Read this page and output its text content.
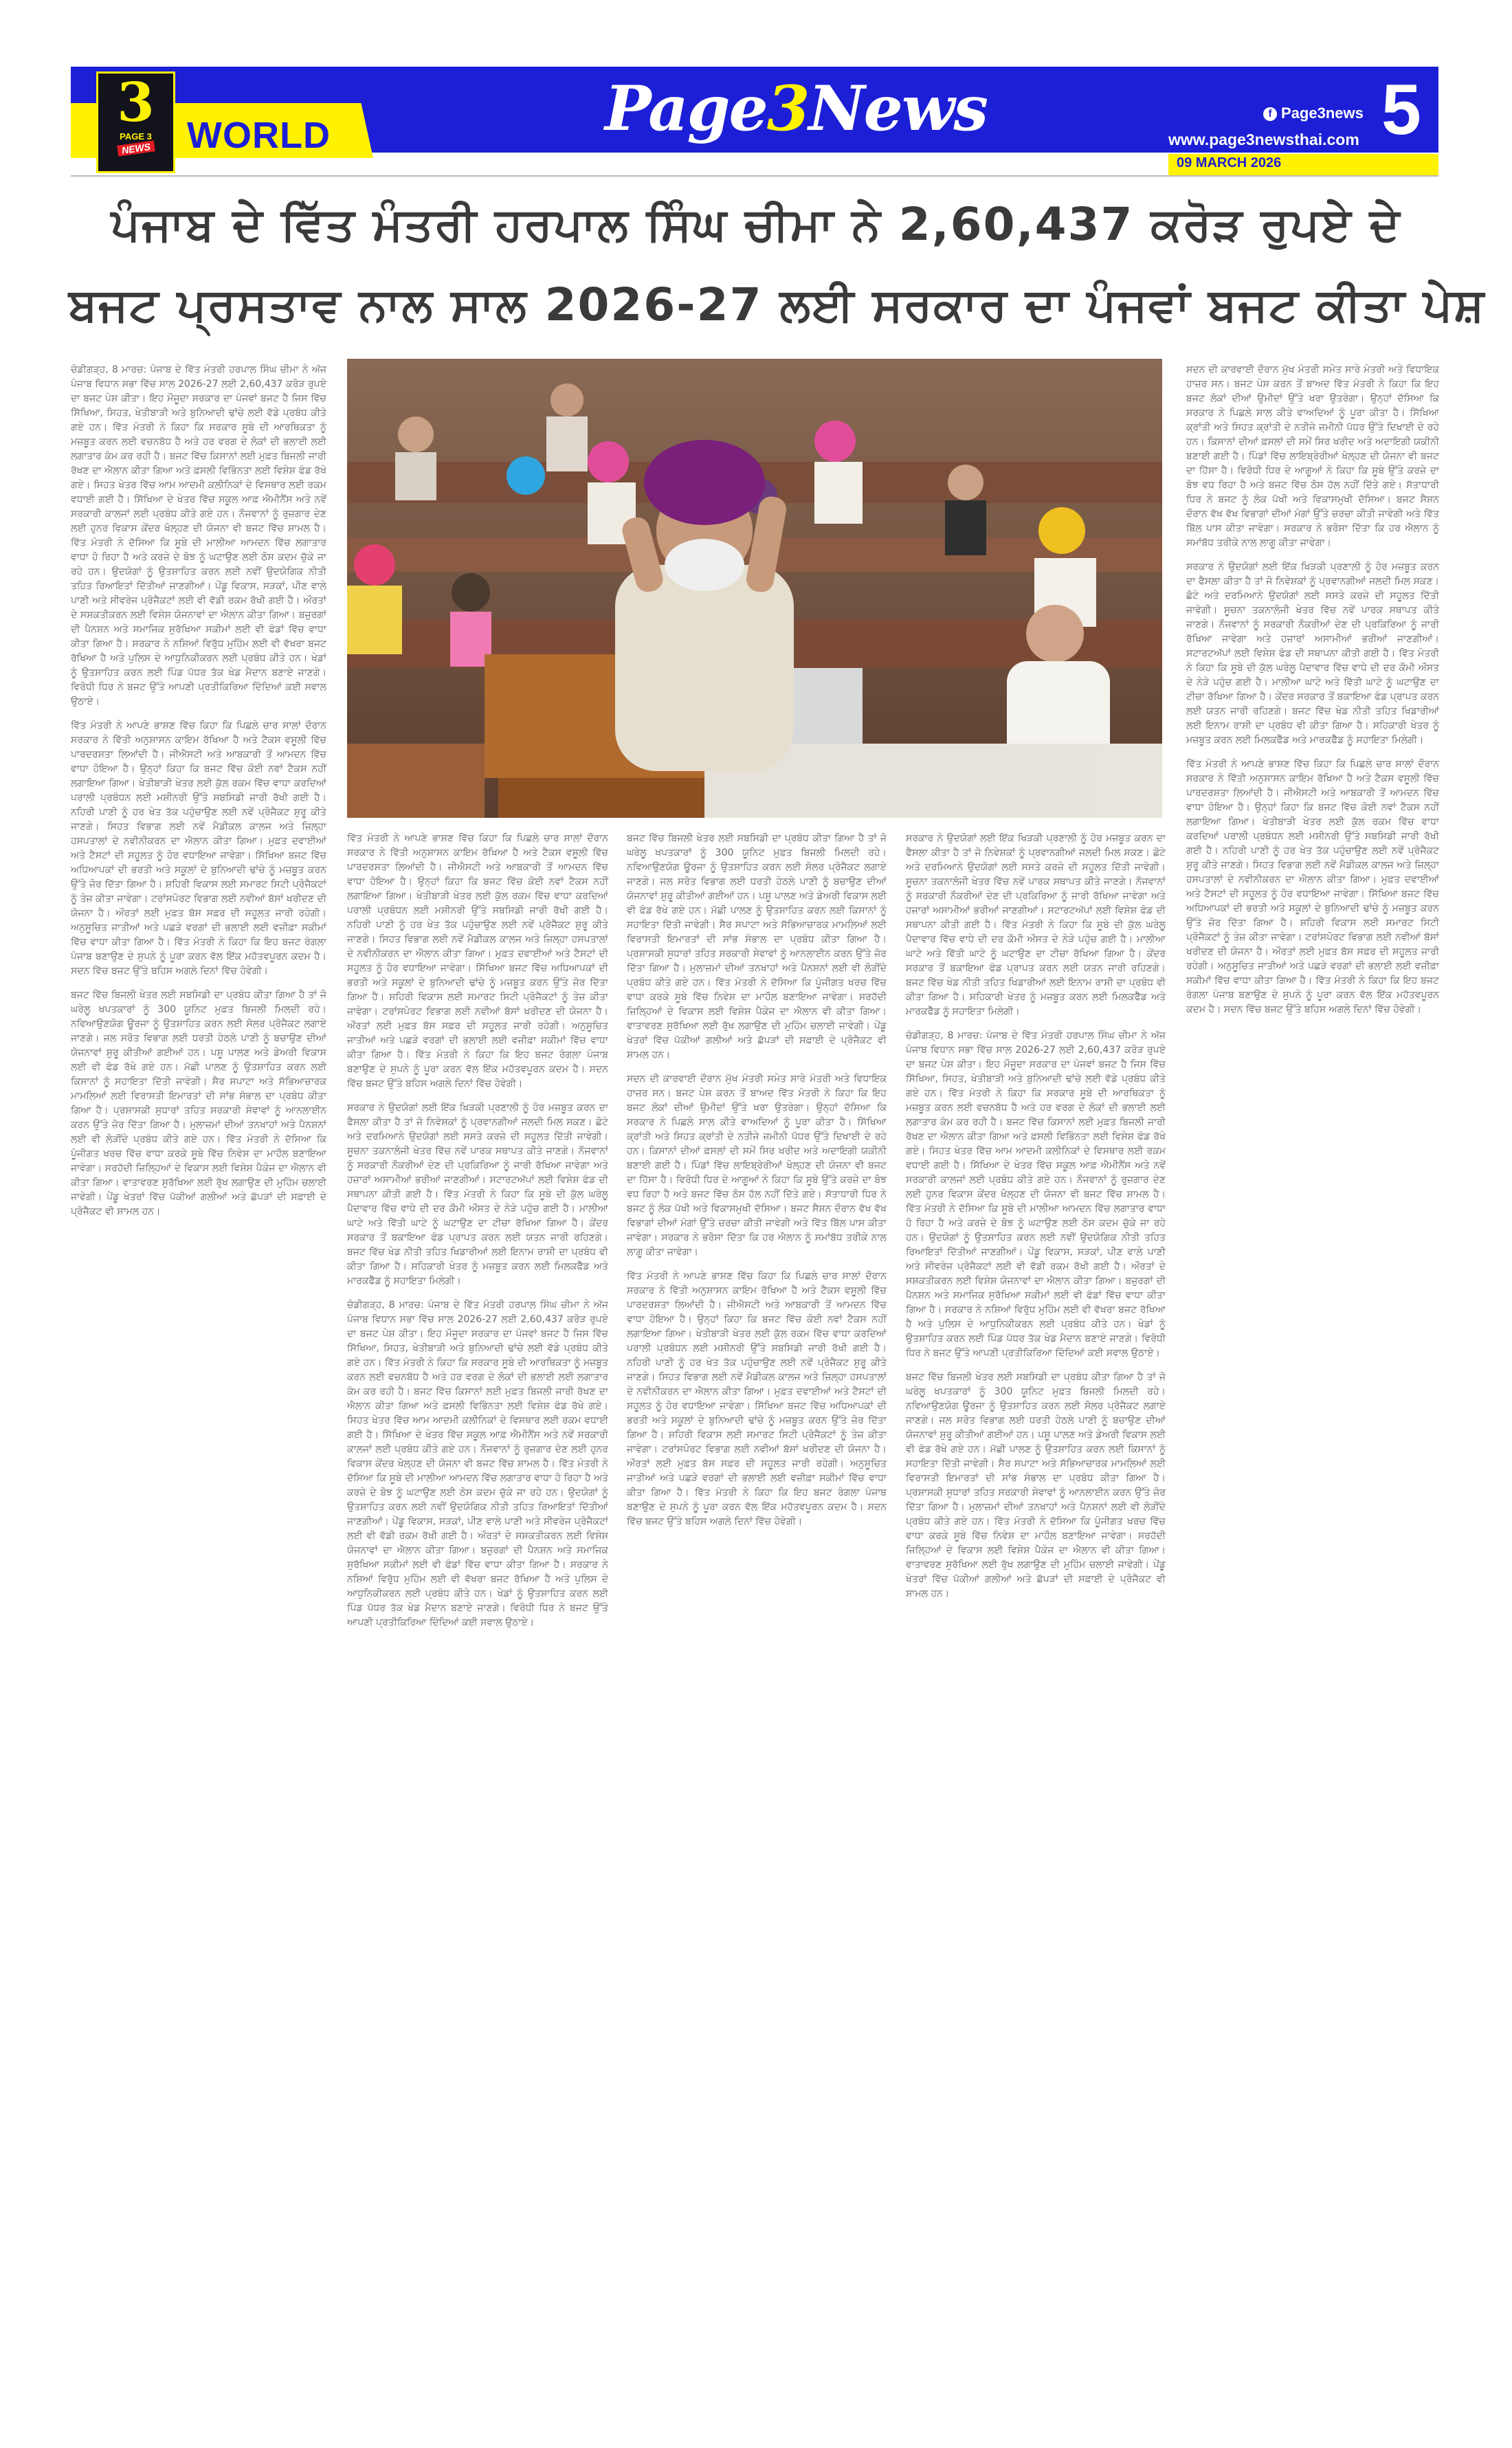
09 MARCH 2026
3
PAGE 3
NEWS WORLD	Page3News	f Page3news
www.page3newsthai.com 5
ਪੰਜਾਬ ਦੇ ਵਿੱਤ ਮੰਤਰੀ ਹਰਪਾਲ ਸਿੰਘ ਚੀਮਾ ਨੇ 2,60,437 ਕਰੋੜ ਰੁਪਏ ਦੇ
ਬਜਟ ਪ੍ਰਸਤਾਵ ਨਾਲ ਸਾਲ 2026-27 ਲਈ ਸਰਕਾਰ ਦਾ ਪੰਜਵਾਂ ਬਜਟ ਕੀਤਾ ਪੇਸ਼

ਚੰਡੀਗੜ੍ਹ, 8 ਮਾਰਚ: ਪੰਜਾਬ ਦੇ ਵਿੱਤ ਮੰਤਰੀ ਹਰਪਾਲ ਸਿੰਘ ਚੀਮਾ ਨੇ ਅੱਜ ਪੰਜਾਬ ਵਿਧਾਨ ਸਭਾ ਵਿੱਚ ਸਾਲ 2026-27 ਲਈ 2,60,437 ਕਰੋੜ ਰੁਪਏ ਦਾ ਬਜਟ ਪੇਸ਼ ਕੀਤਾ। ਇਹ ਮੌਜੂਦਾ ਸਰਕਾਰ ਦਾ ਪੰਜਵਾਂ ਬਜਟ ਹੈ ਜਿਸ ਵਿੱਚ ਸਿੱਖਿਆ, ਸਿਹਤ, ਖੇਤੀਬਾੜੀ ਅਤੇ ਬੁਨਿਆਦੀ ਢਾਂਚੇ ਲਈ ਵੱਡੇ ਪ੍ਰਬੰਧ ਕੀਤੇ ਗਏ ਹਨ। ਵਿੱਤ ਮੰਤਰੀ ਨੇ ਕਿਹਾ ਕਿ ਸਰਕਾਰ ਸੂਬੇ ਦੀ ਆਰਥਿਕਤਾ ਨੂੰ ਮਜ਼ਬੂਤ ਕਰਨ ਲਈ ਵਚਨਬੱਧ ਹੈ ਅਤੇ ਹਰ ਵਰਗ ਦੇ ਲੋਕਾਂ ਦੀ ਭਲਾਈ ਲਈ ਲਗਾਤਾਰ ਕੰਮ ਕਰ ਰਹੀ ਹੈ। ਬਜਟ ਵਿੱਚ ਕਿਸਾਨਾਂ ਲਈ ਮੁਫ਼ਤ ਬਿਜਲੀ ਜਾਰੀ ਰੱਖਣ ਦਾ ਐਲਾਨ ਕੀਤਾ ਗਿਆ ਅਤੇ ਫ਼ਸਲੀ ਵਿਭਿੰਨਤਾ ਲਈ ਵਿਸ਼ੇਸ਼ ਫੰਡ ਰੱਖੇ ਗਏ। ਸਿਹਤ ਖੇਤਰ ਵਿੱਚ ਆਮ ਆਦਮੀ ਕਲੀਨਿਕਾਂ ਦੇ ਵਿਸਥਾਰ ਲਈ ਰਕਮ ਵਧਾਈ ਗਈ ਹੈ। ਸਿੱਖਿਆ ਦੇ ਖੇਤਰ ਵਿੱਚ ਸਕੂਲ ਆਫ਼ ਐਮੀਨੈਂਸ ਅਤੇ ਨਵੇਂ ਸਰਕਾਰੀ ਕਾਲਜਾਂ ਲਈ ਪ੍ਰਬੰਧ ਕੀਤੇ ਗਏ ਹਨ। ਨੌਜਵਾਨਾਂ ਨੂੰ ਰੁਜ਼ਗਾਰ ਦੇਣ ਲਈ ਹੁਨਰ ਵਿਕਾਸ ਕੇਂਦਰ ਖੋਲ੍ਹਣ ਦੀ ਯੋਜਨਾ ਵੀ ਬਜਟ ਵਿੱਚ ਸ਼ਾਮਲ ਹੈ। ਵਿੱਤ ਮੰਤਰੀ ਨੇ ਦੱਸਿਆ ਕਿ ਸੂਬੇ ਦੀ ਮਾਲੀਆ ਆਮਦਨ ਵਿੱਚ ਲਗਾਤਾਰ ਵਾਧਾ ਹੋ ਰਿਹਾ ਹੈ ਅਤੇ ਕਰਜ਼ੇ ਦੇ ਬੋਝ ਨੂੰ ਘਟਾਉਣ ਲਈ ਠੋਸ ਕਦਮ ਚੁੱਕੇ ਜਾ ਰਹੇ ਹਨ। ਉਦਯੋਗਾਂ ਨੂੰ ਉਤਸ਼ਾਹਿਤ ਕਰਨ ਲਈ ਨਵੀਂ ਉਦਯੋਗਿਕ ਨੀਤੀ ਤਹਿਤ ਰਿਆਇਤਾਂ ਦਿੱਤੀਆਂ ਜਾਣਗੀਆਂ। ਪੇਂਡੂ ਵਿਕਾਸ, ਸੜਕਾਂ, ਪੀਣ ਵਾਲੇ ਪਾਣੀ ਅਤੇ ਸੀਵਰੇਜ ਪ੍ਰੋਜੈਕਟਾਂ ਲਈ ਵੀ ਵੱਡੀ ਰਕਮ ਰੱਖੀ ਗਈ ਹੈ। ਔਰਤਾਂ ਦੇ ਸਸ਼ਕਤੀਕਰਨ ਲਈ ਵਿਸ਼ੇਸ਼ ਯੋਜਨਾਵਾਂ ਦਾ ਐਲਾਨ ਕੀਤਾ ਗਿਆ। ਬਜ਼ੁਰਗਾਂ ਦੀ ਪੈਨਸ਼ਨ ਅਤੇ ਸਮਾਜਿਕ ਸੁਰੱਖਿਆ ਸਕੀਮਾਂ ਲਈ ਵੀ ਫੰਡਾਂ ਵਿੱਚ ਵਾਧਾ ਕੀਤਾ ਗਿਆ ਹੈ। ਸਰਕਾਰ ਨੇ ਨਸ਼ਿਆਂ ਵਿਰੁੱਧ ਮੁਹਿੰਮ ਲਈ ਵੀ ਵੱਖਰਾ ਬਜਟ ਰੱਖਿਆ ਹੈ ਅਤੇ ਪੁਲਿਸ ਦੇ ਆਧੁਨਿਕੀਕਰਨ ਲਈ ਪ੍ਰਬੰਧ ਕੀਤੇ ਹਨ। ਖੇਡਾਂ ਨੂੰ ਉਤਸ਼ਾਹਿਤ ਕਰਨ ਲਈ ਪਿੰਡ ਪੱਧਰ ਤੱਕ ਖੇਡ ਮੈਦਾਨ ਬਣਾਏ ਜਾਣਗੇ। ਵਿਰੋਧੀ ਧਿਰ ਨੇ ਬਜਟ ਉੱਤੇ ਆਪਣੀ ਪ੍ਰਤੀਕਿਰਿਆ ਦਿੰਦਿਆਂ ਕਈ ਸਵਾਲ ਉਠਾਏ।

ਵਿੱਤ ਮੰਤਰੀ ਨੇ ਆਪਣੇ ਭਾਸ਼ਣ ਵਿੱਚ ਕਿਹਾ ਕਿ ਪਿਛਲੇ ਚਾਰ ਸਾਲਾਂ ਦੌਰਾਨ ਸਰਕਾਰ ਨੇ ਵਿੱਤੀ ਅਨੁਸ਼ਾਸਨ ਕਾਇਮ ਰੱਖਿਆ ਹੈ ਅਤੇ ਟੈਕਸ ਵਸੂਲੀ ਵਿੱਚ ਪਾਰਦਰਸ਼ਤਾ ਲਿਆਂਦੀ ਹੈ। ਜੀਐਸਟੀ ਅਤੇ ਆਬਕਾਰੀ ਤੋਂ ਆਮਦਨ ਵਿੱਚ ਵਾਧਾ ਹੋਇਆ ਹੈ। ਉਨ੍ਹਾਂ ਕਿਹਾ ਕਿ ਬਜਟ ਵਿੱਚ ਕੋਈ ਨਵਾਂ ਟੈਕਸ ਨਹੀਂ ਲਗਾਇਆ ਗਿਆ। ਖੇਤੀਬਾੜੀ ਖੇਤਰ ਲਈ ਕੁੱਲ ਰਕਮ ਵਿੱਚ ਵਾਧਾ ਕਰਦਿਆਂ ਪਰਾਲੀ ਪ੍ਰਬੰਧਨ ਲਈ ਮਸ਼ੀਨਰੀ ਉੱਤੇ ਸਬਸਿਡੀ ਜਾਰੀ ਰੱਖੀ ਗਈ ਹੈ। ਨਹਿਰੀ ਪਾਣੀ ਨੂੰ ਹਰ ਖੇਤ ਤੱਕ ਪਹੁੰਚਾਉਣ ਲਈ ਨਵੇਂ ਪ੍ਰੋਜੈਕਟ ਸ਼ੁਰੂ ਕੀਤੇ ਜਾਣਗੇ। ਸਿਹਤ ਵਿਭਾਗ ਲਈ ਨਵੇਂ ਮੈਡੀਕਲ ਕਾਲਜ ਅਤੇ ਜ਼ਿਲ੍ਹਾ ਹਸਪਤਾਲਾਂ ਦੇ ਨਵੀਨੀਕਰਨ ਦਾ ਐਲਾਨ ਕੀਤਾ ਗਿਆ। ਮੁਫ਼ਤ ਦਵਾਈਆਂ ਅਤੇ ਟੈਸਟਾਂ ਦੀ ਸਹੂਲਤ ਨੂੰ ਹੋਰ ਵਧਾਇਆ ਜਾਵੇਗਾ। ਸਿੱਖਿਆ ਬਜਟ ਵਿੱਚ ਅਧਿਆਪਕਾਂ ਦੀ ਭਰਤੀ ਅਤੇ ਸਕੂਲਾਂ ਦੇ ਬੁਨਿਆਦੀ ਢਾਂਚੇ ਨੂੰ ਮਜ਼ਬੂਤ ਕਰਨ ਉੱਤੇ ਜ਼ੋਰ ਦਿੱਤਾ ਗਿਆ ਹੈ। ਸ਼ਹਿਰੀ ਵਿਕਾਸ ਲਈ ਸਮਾਰਟ ਸਿਟੀ ਪ੍ਰੋਜੈਕਟਾਂ ਨੂੰ ਤੇਜ਼ ਕੀਤਾ ਜਾਵੇਗਾ। ਟਰਾਂਸਪੋਰਟ ਵਿਭਾਗ ਲਈ ਨਵੀਆਂ ਬੱਸਾਂ ਖਰੀਦਣ ਦੀ ਯੋਜਨਾ ਹੈ। ਔਰਤਾਂ ਲਈ ਮੁਫ਼ਤ ਬੱਸ ਸਫ਼ਰ ਦੀ ਸਹੂਲਤ ਜਾਰੀ ਰਹੇਗੀ। ਅਨੁਸੂਚਿਤ ਜਾਤੀਆਂ ਅਤੇ ਪਛੜੇ ਵਰਗਾਂ ਦੀ ਭਲਾਈ ਲਈ ਵਜ਼ੀਫ਼ਾ ਸਕੀਮਾਂ ਵਿੱਚ ਵਾਧਾ ਕੀਤਾ ਗਿਆ ਹੈ। ਵਿੱਤ ਮੰਤਰੀ ਨੇ ਕਿਹਾ ਕਿ ਇਹ ਬਜਟ ਰੰਗਲਾ ਪੰਜਾਬ ਬਣਾਉਣ ਦੇ ਸੁਪਨੇ ਨੂੰ ਪੂਰਾ ਕਰਨ ਵੱਲ ਇੱਕ ਮਹੱਤਵਪੂਰਨ ਕਦਮ ਹੈ। ਸਦਨ ਵਿੱਚ ਬਜਟ ਉੱਤੇ ਬਹਿਸ ਅਗਲੇ ਦਿਨਾਂ ਵਿੱਚ ਹੋਵੇਗੀ।

ਬਜਟ ਵਿੱਚ ਬਿਜਲੀ ਖੇਤਰ ਲਈ ਸਬਸਿਡੀ ਦਾ ਪ੍ਰਬੰਧ ਕੀਤਾ ਗਿਆ ਹੈ ਤਾਂ ਜੋ ਘਰੇਲੂ ਖਪਤਕਾਰਾਂ ਨੂੰ 300 ਯੂਨਿਟ ਮੁਫ਼ਤ ਬਿਜਲੀ ਮਿਲਦੀ ਰਹੇ। ਨਵਿਆਉਣਯੋਗ ਊਰਜਾ ਨੂੰ ਉਤਸ਼ਾਹਿਤ ਕਰਨ ਲਈ ਸੋਲਰ ਪ੍ਰੋਜੈਕਟ ਲਗਾਏ ਜਾਣਗੇ। ਜਲ ਸਰੋਤ ਵਿਭਾਗ ਲਈ ਧਰਤੀ ਹੇਠਲੇ ਪਾਣੀ ਨੂੰ ਬਚਾਉਣ ਦੀਆਂ ਯੋਜਨਾਵਾਂ ਸ਼ੁਰੂ ਕੀਤੀਆਂ ਗਈਆਂ ਹਨ। ਪਸ਼ੂ ਪਾਲਣ ਅਤੇ ਡੇਅਰੀ ਵਿਕਾਸ ਲਈ ਵੀ ਫੰਡ ਰੱਖੇ ਗਏ ਹਨ। ਮੱਛੀ ਪਾਲਣ ਨੂੰ ਉਤਸ਼ਾਹਿਤ ਕਰਨ ਲਈ ਕਿਸਾਨਾਂ ਨੂੰ ਸਹਾਇਤਾ ਦਿੱਤੀ ਜਾਵੇਗੀ। ਸੈਰ ਸਪਾਟਾ ਅਤੇ ਸੱਭਿਆਚਾਰਕ ਮਾਮਲਿਆਂ ਲਈ ਵਿਰਾਸਤੀ ਇਮਾਰਤਾਂ ਦੀ ਸਾਂਭ ਸੰਭਾਲ ਦਾ ਪ੍ਰਬੰਧ ਕੀਤਾ ਗਿਆ ਹੈ। ਪ੍ਰਸ਼ਾਸਕੀ ਸੁਧਾਰਾਂ ਤਹਿਤ ਸਰਕਾਰੀ ਸੇਵਾਵਾਂ ਨੂੰ ਆਨਲਾਈਨ ਕਰਨ ਉੱਤੇ ਜ਼ੋਰ ਦਿੱਤਾ ਗਿਆ ਹੈ। ਮੁਲਾਜ਼ਮਾਂ ਦੀਆਂ ਤਨਖਾਹਾਂ ਅਤੇ ਪੈਨਸ਼ਨਾਂ ਲਈ ਵੀ ਲੋੜੀਂਦੇ ਪ੍ਰਬੰਧ ਕੀਤੇ ਗਏ ਹਨ। ਵਿੱਤ ਮੰਤਰੀ ਨੇ ਦੱਸਿਆ ਕਿ ਪੂੰਜੀਗਤ ਖਰਚ ਵਿੱਚ ਵਾਧਾ ਕਰਕੇ ਸੂਬੇ ਵਿੱਚ ਨਿਵੇਸ਼ ਦਾ ਮਾਹੌਲ ਬਣਾਇਆ ਜਾਵੇਗਾ। ਸਰਹੱਦੀ ਜ਼ਿਲ੍ਹਿਆਂ ਦੇ ਵਿਕਾਸ ਲਈ ਵਿਸ਼ੇਸ਼ ਪੈਕੇਜ ਦਾ ਐਲਾਨ ਵੀ ਕੀਤਾ ਗਿਆ। ਵਾਤਾਵਰਣ ਸੁਰੱਖਿਆ ਲਈ ਰੁੱਖ ਲਗਾਉਣ ਦੀ ਮੁਹਿੰਮ ਚਲਾਈ ਜਾਵੇਗੀ। ਪੇਂਡੂ ਖੇਤਰਾਂ ਵਿੱਚ ਪੱਕੀਆਂ ਗਲੀਆਂ ਅਤੇ ਛੱਪੜਾਂ ਦੀ ਸਫ਼ਾਈ ਦੇ ਪ੍ਰੋਜੈਕਟ ਵੀ ਸ਼ਾਮਲ ਹਨ।

ਵਿੱਤ ਮੰਤਰੀ ਨੇ ਆਪਣੇ ਭਾਸ਼ਣ ਵਿੱਚ ਕਿਹਾ ਕਿ ਪਿਛਲੇ ਚਾਰ ਸਾਲਾਂ ਦੌਰਾਨ ਸਰਕਾਰ ਨੇ ਵਿੱਤੀ ਅਨੁਸ਼ਾਸਨ ਕਾਇਮ ਰੱਖਿਆ ਹੈ ਅਤੇ ਟੈਕਸ ਵਸੂਲੀ ਵਿੱਚ ਪਾਰਦਰਸ਼ਤਾ ਲਿਆਂਦੀ ਹੈ। ਜੀਐਸਟੀ ਅਤੇ ਆਬਕਾਰੀ ਤੋਂ ਆਮਦਨ ਵਿੱਚ ਵਾਧਾ ਹੋਇਆ ਹੈ। ਉਨ੍ਹਾਂ ਕਿਹਾ ਕਿ ਬਜਟ ਵਿੱਚ ਕੋਈ ਨਵਾਂ ਟੈਕਸ ਨਹੀਂ ਲਗਾਇਆ ਗਿਆ। ਖੇਤੀਬਾੜੀ ਖੇਤਰ ਲਈ ਕੁੱਲ ਰਕਮ ਵਿੱਚ ਵਾਧਾ ਕਰਦਿਆਂ ਪਰਾਲੀ ਪ੍ਰਬੰਧਨ ਲਈ ਮਸ਼ੀਨਰੀ ਉੱਤੇ ਸਬਸਿਡੀ ਜਾਰੀ ਰੱਖੀ ਗਈ ਹੈ। ਨਹਿਰੀ ਪਾਣੀ ਨੂੰ ਹਰ ਖੇਤ ਤੱਕ ਪਹੁੰਚਾਉਣ ਲਈ ਨਵੇਂ ਪ੍ਰੋਜੈਕਟ ਸ਼ੁਰੂ ਕੀਤੇ ਜਾਣਗੇ। ਸਿਹਤ ਵਿਭਾਗ ਲਈ ਨਵੇਂ ਮੈਡੀਕਲ ਕਾਲਜ ਅਤੇ ਜ਼ਿਲ੍ਹਾ ਹਸਪਤਾਲਾਂ ਦੇ ਨਵੀਨੀਕਰਨ ਦਾ ਐਲਾਨ ਕੀਤਾ ਗਿਆ। ਮੁਫ਼ਤ ਦਵਾਈਆਂ ਅਤੇ ਟੈਸਟਾਂ ਦੀ ਸਹੂਲਤ ਨੂੰ ਹੋਰ ਵਧਾਇਆ ਜਾਵੇਗਾ। ਸਿੱਖਿਆ ਬਜਟ ਵਿੱਚ ਅਧਿਆਪਕਾਂ ਦੀ ਭਰਤੀ ਅਤੇ ਸਕੂਲਾਂ ਦੇ ਬੁਨਿਆਦੀ ਢਾਂਚੇ ਨੂੰ ਮਜ਼ਬੂਤ ਕਰਨ ਉੱਤੇ ਜ਼ੋਰ ਦਿੱਤਾ ਗਿਆ ਹੈ। ਸ਼ਹਿਰੀ ਵਿਕਾਸ ਲਈ ਸਮਾਰਟ ਸਿਟੀ ਪ੍ਰੋਜੈਕਟਾਂ ਨੂੰ ਤੇਜ਼ ਕੀਤਾ ਜਾਵੇਗਾ। ਟਰਾਂਸਪੋਰਟ ਵਿਭਾਗ ਲਈ ਨਵੀਆਂ ਬੱਸਾਂ ਖਰੀਦਣ ਦੀ ਯੋਜਨਾ ਹੈ। ਔਰਤਾਂ ਲਈ ਮੁਫ਼ਤ ਬੱਸ ਸਫ਼ਰ ਦੀ ਸਹੂਲਤ ਜਾਰੀ ਰਹੇਗੀ। ਅਨੁਸੂਚਿਤ ਜਾਤੀਆਂ ਅਤੇ ਪਛੜੇ ਵਰਗਾਂ ਦੀ ਭਲਾਈ ਲਈ ਵਜ਼ੀਫ਼ਾ ਸਕੀਮਾਂ ਵਿੱਚ ਵਾਧਾ ਕੀਤਾ ਗਿਆ ਹੈ। ਵਿੱਤ ਮੰਤਰੀ ਨੇ ਕਿਹਾ ਕਿ ਇਹ ਬਜਟ ਰੰਗਲਾ ਪੰਜਾਬ ਬਣਾਉਣ ਦੇ ਸੁਪਨੇ ਨੂੰ ਪੂਰਾ ਕਰਨ ਵੱਲ ਇੱਕ ਮਹੱਤਵਪੂਰਨ ਕਦਮ ਹੈ। ਸਦਨ ਵਿੱਚ ਬਜਟ ਉੱਤੇ ਬਹਿਸ ਅਗਲੇ ਦਿਨਾਂ ਵਿੱਚ ਹੋਵੇਗੀ।

ਸਰਕਾਰ ਨੇ ਉਦਯੋਗਾਂ ਲਈ ਇੱਕ ਖਿੜਕੀ ਪ੍ਰਣਾਲੀ ਨੂੰ ਹੋਰ ਮਜ਼ਬੂਤ ਕਰਨ ਦਾ ਫੈਸਲਾ ਕੀਤਾ ਹੈ ਤਾਂ ਜੋ ਨਿਵੇਸ਼ਕਾਂ ਨੂੰ ਪ੍ਰਵਾਨਗੀਆਂ ਜਲਦੀ ਮਿਲ ਸਕਣ। ਛੋਟੇ ਅਤੇ ਦਰਮਿਆਨੇ ਉਦਯੋਗਾਂ ਲਈ ਸਸਤੇ ਕਰਜ਼ੇ ਦੀ ਸਹੂਲਤ ਦਿੱਤੀ ਜਾਵੇਗੀ। ਸੂਚਨਾ ਤਕਨਾਲੋਜੀ ਖੇਤਰ ਵਿੱਚ ਨਵੇਂ ਪਾਰਕ ਸਥਾਪਤ ਕੀਤੇ ਜਾਣਗੇ। ਨੌਜਵਾਨਾਂ ਨੂੰ ਸਰਕਾਰੀ ਨੌਕਰੀਆਂ ਦੇਣ ਦੀ ਪ੍ਰਕਿਰਿਆ ਨੂੰ ਜਾਰੀ ਰੱਖਿਆ ਜਾਵੇਗਾ ਅਤੇ ਹਜ਼ਾਰਾਂ ਅਸਾਮੀਆਂ ਭਰੀਆਂ ਜਾਣਗੀਆਂ। ਸਟਾਰਟਅੱਪਾਂ ਲਈ ਵਿਸ਼ੇਸ਼ ਫੰਡ ਦੀ ਸਥਾਪਨਾ ਕੀਤੀ ਗਈ ਹੈ। ਵਿੱਤ ਮੰਤਰੀ ਨੇ ਕਿਹਾ ਕਿ ਸੂਬੇ ਦੀ ਕੁੱਲ ਘਰੇਲੂ ਪੈਦਾਵਾਰ ਵਿੱਚ ਵਾਧੇ ਦੀ ਦਰ ਕੌਮੀ ਔਸਤ ਦੇ ਨੇੜੇ ਪਹੁੰਚ ਗਈ ਹੈ। ਮਾਲੀਆ ਘਾਟੇ ਅਤੇ ਵਿੱਤੀ ਘਾਟੇ ਨੂੰ ਘਟਾਉਣ ਦਾ ਟੀਚਾ ਰੱਖਿਆ ਗਿਆ ਹੈ। ਕੇਂਦਰ ਸਰਕਾਰ ਤੋਂ ਬਕਾਇਆ ਫੰਡ ਪ੍ਰਾਪਤ ਕਰਨ ਲਈ ਯਤਨ ਜਾਰੀ ਰਹਿਣਗੇ। ਬਜਟ ਵਿੱਚ ਖੇਡ ਨੀਤੀ ਤਹਿਤ ਖਿਡਾਰੀਆਂ ਲਈ ਇਨਾਮ ਰਾਸ਼ੀ ਦਾ ਪ੍ਰਬੰਧ ਵੀ ਕੀਤਾ ਗਿਆ ਹੈ। ਸਹਿਕਾਰੀ ਖੇਤਰ ਨੂੰ ਮਜ਼ਬੂਤ ਕਰਨ ਲਈ ਮਿਲਕਫੈੱਡ ਅਤੇ ਮਾਰਕਫੈੱਡ ਨੂੰ ਸਹਾਇਤਾ ਮਿਲੇਗੀ।

ਚੰਡੀਗੜ੍ਹ, 8 ਮਾਰਚ: ਪੰਜਾਬ ਦੇ ਵਿੱਤ ਮੰਤਰੀ ਹਰਪਾਲ ਸਿੰਘ ਚੀਮਾ ਨੇ ਅੱਜ ਪੰਜਾਬ ਵਿਧਾਨ ਸਭਾ ਵਿੱਚ ਸਾਲ 2026-27 ਲਈ 2,60,437 ਕਰੋੜ ਰੁਪਏ ਦਾ ਬਜਟ ਪੇਸ਼ ਕੀਤਾ। ਇਹ ਮੌਜੂਦਾ ਸਰਕਾਰ ਦਾ ਪੰਜਵਾਂ ਬਜਟ ਹੈ ਜਿਸ ਵਿੱਚ ਸਿੱਖਿਆ, ਸਿਹਤ, ਖੇਤੀਬਾੜੀ ਅਤੇ ਬੁਨਿਆਦੀ ਢਾਂਚੇ ਲਈ ਵੱਡੇ ਪ੍ਰਬੰਧ ਕੀਤੇ ਗਏ ਹਨ। ਵਿੱਤ ਮੰਤਰੀ ਨੇ ਕਿਹਾ ਕਿ ਸਰਕਾਰ ਸੂਬੇ ਦੀ ਆਰਥਿਕਤਾ ਨੂੰ ਮਜ਼ਬੂਤ ਕਰਨ ਲਈ ਵਚਨਬੱਧ ਹੈ ਅਤੇ ਹਰ ਵਰਗ ਦੇ ਲੋਕਾਂ ਦੀ ਭਲਾਈ ਲਈ ਲਗਾਤਾਰ ਕੰਮ ਕਰ ਰਹੀ ਹੈ। ਬਜਟ ਵਿੱਚ ਕਿਸਾਨਾਂ ਲਈ ਮੁਫ਼ਤ ਬਿਜਲੀ ਜਾਰੀ ਰੱਖਣ ਦਾ ਐਲਾਨ ਕੀਤਾ ਗਿਆ ਅਤੇ ਫ਼ਸਲੀ ਵਿਭਿੰਨਤਾ ਲਈ ਵਿਸ਼ੇਸ਼ ਫੰਡ ਰੱਖੇ ਗਏ। ਸਿਹਤ ਖੇਤਰ ਵਿੱਚ ਆਮ ਆਦਮੀ ਕਲੀਨਿਕਾਂ ਦੇ ਵਿਸਥਾਰ ਲਈ ਰਕਮ ਵਧਾਈ ਗਈ ਹੈ। ਸਿੱਖਿਆ ਦੇ ਖੇਤਰ ਵਿੱਚ ਸਕੂਲ ਆਫ਼ ਐਮੀਨੈਂਸ ਅਤੇ ਨਵੇਂ ਸਰਕਾਰੀ ਕਾਲਜਾਂ ਲਈ ਪ੍ਰਬੰਧ ਕੀਤੇ ਗਏ ਹਨ। ਨੌਜਵਾਨਾਂ ਨੂੰ ਰੁਜ਼ਗਾਰ ਦੇਣ ਲਈ ਹੁਨਰ ਵਿਕਾਸ ਕੇਂਦਰ ਖੋਲ੍ਹਣ ਦੀ ਯੋਜਨਾ ਵੀ ਬਜਟ ਵਿੱਚ ਸ਼ਾਮਲ ਹੈ। ਵਿੱਤ ਮੰਤਰੀ ਨੇ ਦੱਸਿਆ ਕਿ ਸੂਬੇ ਦੀ ਮਾਲੀਆ ਆਮਦਨ ਵਿੱਚ ਲਗਾਤਾਰ ਵਾਧਾ ਹੋ ਰਿਹਾ ਹੈ ਅਤੇ ਕਰਜ਼ੇ ਦੇ ਬੋਝ ਨੂੰ ਘਟਾਉਣ ਲਈ ਠੋਸ ਕਦਮ ਚੁੱਕੇ ਜਾ ਰਹੇ ਹਨ। ਉਦਯੋਗਾਂ ਨੂੰ ਉਤਸ਼ਾਹਿਤ ਕਰਨ ਲਈ ਨਵੀਂ ਉਦਯੋਗਿਕ ਨੀਤੀ ਤਹਿਤ ਰਿਆਇਤਾਂ ਦਿੱਤੀਆਂ ਜਾਣਗੀਆਂ। ਪੇਂਡੂ ਵਿਕਾਸ, ਸੜਕਾਂ, ਪੀਣ ਵਾਲੇ ਪਾਣੀ ਅਤੇ ਸੀਵਰੇਜ ਪ੍ਰੋਜੈਕਟਾਂ ਲਈ ਵੀ ਵੱਡੀ ਰਕਮ ਰੱਖੀ ਗਈ ਹੈ। ਔਰਤਾਂ ਦੇ ਸਸ਼ਕਤੀਕਰਨ ਲਈ ਵਿਸ਼ੇਸ਼ ਯੋਜਨਾਵਾਂ ਦਾ ਐਲਾਨ ਕੀਤਾ ਗਿਆ। ਬਜ਼ੁਰਗਾਂ ਦੀ ਪੈਨਸ਼ਨ ਅਤੇ ਸਮਾਜਿਕ ਸੁਰੱਖਿਆ ਸਕੀਮਾਂ ਲਈ ਵੀ ਫੰਡਾਂ ਵਿੱਚ ਵਾਧਾ ਕੀਤਾ ਗਿਆ ਹੈ। ਸਰਕਾਰ ਨੇ ਨਸ਼ਿਆਂ ਵਿਰੁੱਧ ਮੁਹਿੰਮ ਲਈ ਵੀ ਵੱਖਰਾ ਬਜਟ ਰੱਖਿਆ ਹੈ ਅਤੇ ਪੁਲਿਸ ਦੇ ਆਧੁਨਿਕੀਕਰਨ ਲਈ ਪ੍ਰਬੰਧ ਕੀਤੇ ਹਨ। ਖੇਡਾਂ ਨੂੰ ਉਤਸ਼ਾਹਿਤ ਕਰਨ ਲਈ ਪਿੰਡ ਪੱਧਰ ਤੱਕ ਖੇਡ ਮੈਦਾਨ ਬਣਾਏ ਜਾਣਗੇ। ਵਿਰੋਧੀ ਧਿਰ ਨੇ ਬਜਟ ਉੱਤੇ ਆਪਣੀ ਪ੍ਰਤੀਕਿਰਿਆ ਦਿੰਦਿਆਂ ਕਈ ਸਵਾਲ ਉਠਾਏ।

ਬਜਟ ਵਿੱਚ ਬਿਜਲੀ ਖੇਤਰ ਲਈ ਸਬਸਿਡੀ ਦਾ ਪ੍ਰਬੰਧ ਕੀਤਾ ਗਿਆ ਹੈ ਤਾਂ ਜੋ ਘਰੇਲੂ ਖਪਤਕਾਰਾਂ ਨੂੰ 300 ਯੂਨਿਟ ਮੁਫ਼ਤ ਬਿਜਲੀ ਮਿਲਦੀ ਰਹੇ। ਨਵਿਆਉਣਯੋਗ ਊਰਜਾ ਨੂੰ ਉਤਸ਼ਾਹਿਤ ਕਰਨ ਲਈ ਸੋਲਰ ਪ੍ਰੋਜੈਕਟ ਲਗਾਏ ਜਾਣਗੇ। ਜਲ ਸਰੋਤ ਵਿਭਾਗ ਲਈ ਧਰਤੀ ਹੇਠਲੇ ਪਾਣੀ ਨੂੰ ਬਚਾਉਣ ਦੀਆਂ ਯੋਜਨਾਵਾਂ ਸ਼ੁਰੂ ਕੀਤੀਆਂ ਗਈਆਂ ਹਨ। ਪਸ਼ੂ ਪਾਲਣ ਅਤੇ ਡੇਅਰੀ ਵਿਕਾਸ ਲਈ ਵੀ ਫੰਡ ਰੱਖੇ ਗਏ ਹਨ। ਮੱਛੀ ਪਾਲਣ ਨੂੰ ਉਤਸ਼ਾਹਿਤ ਕਰਨ ਲਈ ਕਿਸਾਨਾਂ ਨੂੰ ਸਹਾਇਤਾ ਦਿੱਤੀ ਜਾਵੇਗੀ। ਸੈਰ ਸਪਾਟਾ ਅਤੇ ਸੱਭਿਆਚਾਰਕ ਮਾਮਲਿਆਂ ਲਈ ਵਿਰਾਸਤੀ ਇਮਾਰਤਾਂ ਦੀ ਸਾਂਭ ਸੰਭਾਲ ਦਾ ਪ੍ਰਬੰਧ ਕੀਤਾ ਗਿਆ ਹੈ। ਪ੍ਰਸ਼ਾਸਕੀ ਸੁਧਾਰਾਂ ਤਹਿਤ ਸਰਕਾਰੀ ਸੇਵਾਵਾਂ ਨੂੰ ਆਨਲਾਈਨ ਕਰਨ ਉੱਤੇ ਜ਼ੋਰ ਦਿੱਤਾ ਗਿਆ ਹੈ। ਮੁਲਾਜ਼ਮਾਂ ਦੀਆਂ ਤਨਖਾਹਾਂ ਅਤੇ ਪੈਨਸ਼ਨਾਂ ਲਈ ਵੀ ਲੋੜੀਂਦੇ ਪ੍ਰਬੰਧ ਕੀਤੇ ਗਏ ਹਨ। ਵਿੱਤ ਮੰਤਰੀ ਨੇ ਦੱਸਿਆ ਕਿ ਪੂੰਜੀਗਤ ਖਰਚ ਵਿੱਚ ਵਾਧਾ ਕਰਕੇ ਸੂਬੇ ਵਿੱਚ ਨਿਵੇਸ਼ ਦਾ ਮਾਹੌਲ ਬਣਾਇਆ ਜਾਵੇਗਾ। ਸਰਹੱਦੀ ਜ਼ਿਲ੍ਹਿਆਂ ਦੇ ਵਿਕਾਸ ਲਈ ਵਿਸ਼ੇਸ਼ ਪੈਕੇਜ ਦਾ ਐਲਾਨ ਵੀ ਕੀਤਾ ਗਿਆ। ਵਾਤਾਵਰਣ ਸੁਰੱਖਿਆ ਲਈ ਰੁੱਖ ਲਗਾਉਣ ਦੀ ਮੁਹਿੰਮ ਚਲਾਈ ਜਾਵੇਗੀ। ਪੇਂਡੂ ਖੇਤਰਾਂ ਵਿੱਚ ਪੱਕੀਆਂ ਗਲੀਆਂ ਅਤੇ ਛੱਪੜਾਂ ਦੀ ਸਫ਼ਾਈ ਦੇ ਪ੍ਰੋਜੈਕਟ ਵੀ ਸ਼ਾਮਲ ਹਨ।

ਸਦਨ ਦੀ ਕਾਰਵਾਈ ਦੌਰਾਨ ਮੁੱਖ ਮੰਤਰੀ ਸਮੇਤ ਸਾਰੇ ਮੰਤਰੀ ਅਤੇ ਵਿਧਾਇਕ ਹਾਜ਼ਰ ਸਨ। ਬਜਟ ਪੇਸ਼ ਕਰਨ ਤੋਂ ਬਾਅਦ ਵਿੱਤ ਮੰਤਰੀ ਨੇ ਕਿਹਾ ਕਿ ਇਹ ਬਜਟ ਲੋਕਾਂ ਦੀਆਂ ਉਮੀਦਾਂ ਉੱਤੇ ਖਰਾ ਉਤਰੇਗਾ। ਉਨ੍ਹਾਂ ਦੱਸਿਆ ਕਿ ਸਰਕਾਰ ਨੇ ਪਿਛਲੇ ਸਾਲ ਕੀਤੇ ਵਾਅਦਿਆਂ ਨੂੰ ਪੂਰਾ ਕੀਤਾ ਹੈ। ਸਿੱਖਿਆ ਕ੍ਰਾਂਤੀ ਅਤੇ ਸਿਹਤ ਕ੍ਰਾਂਤੀ ਦੇ ਨਤੀਜੇ ਜ਼ਮੀਨੀ ਪੱਧਰ ਉੱਤੇ ਦਿਖਾਈ ਦੇ ਰਹੇ ਹਨ। ਕਿਸਾਨਾਂ ਦੀਆਂ ਫ਼ਸਲਾਂ ਦੀ ਸਮੇਂ ਸਿਰ ਖਰੀਦ ਅਤੇ ਅਦਾਇਗੀ ਯਕੀਨੀ ਬਣਾਈ ਗਈ ਹੈ। ਪਿੰਡਾਂ ਵਿੱਚ ਲਾਇਬ੍ਰੇਰੀਆਂ ਖੋਲ੍ਹਣ ਦੀ ਯੋਜਨਾ ਵੀ ਬਜਟ ਦਾ ਹਿੱਸਾ ਹੈ। ਵਿਰੋਧੀ ਧਿਰ ਦੇ ਆਗੂਆਂ ਨੇ ਕਿਹਾ ਕਿ ਸੂਬੇ ਉੱਤੇ ਕਰਜ਼ੇ ਦਾ ਬੋਝ ਵਧ ਰਿਹਾ ਹੈ ਅਤੇ ਬਜਟ ਵਿੱਚ ਠੋਸ ਹੱਲ ਨਹੀਂ ਦਿੱਤੇ ਗਏ। ਸੱਤਾਧਾਰੀ ਧਿਰ ਨੇ ਬਜਟ ਨੂੰ ਲੋਕ ਪੱਖੀ ਅਤੇ ਵਿਕਾਸਮੁਖੀ ਦੱਸਿਆ। ਬਜਟ ਸੈਸ਼ਨ ਦੌਰਾਨ ਵੱਖ ਵੱਖ ਵਿਭਾਗਾਂ ਦੀਆਂ ਮੰਗਾਂ ਉੱਤੇ ਚਰਚਾ ਕੀਤੀ ਜਾਵੇਗੀ ਅਤੇ ਵਿੱਤ ਬਿੱਲ ਪਾਸ ਕੀਤਾ ਜਾਵੇਗਾ। ਸਰਕਾਰ ਨੇ ਭਰੋਸਾ ਦਿੱਤਾ ਕਿ ਹਰ ਐਲਾਨ ਨੂੰ ਸਮਾਂਬੱਧ ਤਰੀਕੇ ਨਾਲ ਲਾਗੂ ਕੀਤਾ ਜਾਵੇਗਾ।

ਵਿੱਤ ਮੰਤਰੀ ਨੇ ਆਪਣੇ ਭਾਸ਼ਣ ਵਿੱਚ ਕਿਹਾ ਕਿ ਪਿਛਲੇ ਚਾਰ ਸਾਲਾਂ ਦੌਰਾਨ ਸਰਕਾਰ ਨੇ ਵਿੱਤੀ ਅਨੁਸ਼ਾਸਨ ਕਾਇਮ ਰੱਖਿਆ ਹੈ ਅਤੇ ਟੈਕਸ ਵਸੂਲੀ ਵਿੱਚ ਪਾਰਦਰਸ਼ਤਾ ਲਿਆਂਦੀ ਹੈ। ਜੀਐਸਟੀ ਅਤੇ ਆਬਕਾਰੀ ਤੋਂ ਆਮਦਨ ਵਿੱਚ ਵਾਧਾ ਹੋਇਆ ਹੈ। ਉਨ੍ਹਾਂ ਕਿਹਾ ਕਿ ਬਜਟ ਵਿੱਚ ਕੋਈ ਨਵਾਂ ਟੈਕਸ ਨਹੀਂ ਲਗਾਇਆ ਗਿਆ। ਖੇਤੀਬਾੜੀ ਖੇਤਰ ਲਈ ਕੁੱਲ ਰਕਮ ਵਿੱਚ ਵਾਧਾ ਕਰਦਿਆਂ ਪਰਾਲੀ ਪ੍ਰਬੰਧਨ ਲਈ ਮਸ਼ੀਨਰੀ ਉੱਤੇ ਸਬਸਿਡੀ ਜਾਰੀ ਰੱਖੀ ਗਈ ਹੈ। ਨਹਿਰੀ ਪਾਣੀ ਨੂੰ ਹਰ ਖੇਤ ਤੱਕ ਪਹੁੰਚਾਉਣ ਲਈ ਨਵੇਂ ਪ੍ਰੋਜੈਕਟ ਸ਼ੁਰੂ ਕੀਤੇ ਜਾਣਗੇ। ਸਿਹਤ ਵਿਭਾਗ ਲਈ ਨਵੇਂ ਮੈਡੀਕਲ ਕਾਲਜ ਅਤੇ ਜ਼ਿਲ੍ਹਾ ਹਸਪਤਾਲਾਂ ਦੇ ਨਵੀਨੀਕਰਨ ਦਾ ਐਲਾਨ ਕੀਤਾ ਗਿਆ। ਮੁਫ਼ਤ ਦਵਾਈਆਂ ਅਤੇ ਟੈਸਟਾਂ ਦੀ ਸਹੂਲਤ ਨੂੰ ਹੋਰ ਵਧਾਇਆ ਜਾਵੇਗਾ। ਸਿੱਖਿਆ ਬਜਟ ਵਿੱਚ ਅਧਿਆਪਕਾਂ ਦੀ ਭਰਤੀ ਅਤੇ ਸਕੂਲਾਂ ਦੇ ਬੁਨਿਆਦੀ ਢਾਂਚੇ ਨੂੰ ਮਜ਼ਬੂਤ ਕਰਨ ਉੱਤੇ ਜ਼ੋਰ ਦਿੱਤਾ ਗਿਆ ਹੈ। ਸ਼ਹਿਰੀ ਵਿਕਾਸ ਲਈ ਸਮਾਰਟ ਸਿਟੀ ਪ੍ਰੋਜੈਕਟਾਂ ਨੂੰ ਤੇਜ਼ ਕੀਤਾ ਜਾਵੇਗਾ। ਟਰਾਂਸਪੋਰਟ ਵਿਭਾਗ ਲਈ ਨਵੀਆਂ ਬੱਸਾਂ ਖਰੀਦਣ ਦੀ ਯੋਜਨਾ ਹੈ। ਔਰਤਾਂ ਲਈ ਮੁਫ਼ਤ ਬੱਸ ਸਫ਼ਰ ਦੀ ਸਹੂਲਤ ਜਾਰੀ ਰਹੇਗੀ। ਅਨੁਸੂਚਿਤ ਜਾਤੀਆਂ ਅਤੇ ਪਛੜੇ ਵਰਗਾਂ ਦੀ ਭਲਾਈ ਲਈ ਵਜ਼ੀਫ਼ਾ ਸਕੀਮਾਂ ਵਿੱਚ ਵਾਧਾ ਕੀਤਾ ਗਿਆ ਹੈ। ਵਿੱਤ ਮੰਤਰੀ ਨੇ ਕਿਹਾ ਕਿ ਇਹ ਬਜਟ ਰੰਗਲਾ ਪੰਜਾਬ ਬਣਾਉਣ ਦੇ ਸੁਪਨੇ ਨੂੰ ਪੂਰਾ ਕਰਨ ਵੱਲ ਇੱਕ ਮਹੱਤਵਪੂਰਨ ਕਦਮ ਹੈ। ਸਦਨ ਵਿੱਚ ਬਜਟ ਉੱਤੇ ਬਹਿਸ ਅਗਲੇ ਦਿਨਾਂ ਵਿੱਚ ਹੋਵੇਗੀ।

ਸਰਕਾਰ ਨੇ ਉਦਯੋਗਾਂ ਲਈ ਇੱਕ ਖਿੜਕੀ ਪ੍ਰਣਾਲੀ ਨੂੰ ਹੋਰ ਮਜ਼ਬੂਤ ਕਰਨ ਦਾ ਫੈਸਲਾ ਕੀਤਾ ਹੈ ਤਾਂ ਜੋ ਨਿਵੇਸ਼ਕਾਂ ਨੂੰ ਪ੍ਰਵਾਨਗੀਆਂ ਜਲਦੀ ਮਿਲ ਸਕਣ। ਛੋਟੇ ਅਤੇ ਦਰਮਿਆਨੇ ਉਦਯੋਗਾਂ ਲਈ ਸਸਤੇ ਕਰਜ਼ੇ ਦੀ ਸਹੂਲਤ ਦਿੱਤੀ ਜਾਵੇਗੀ। ਸੂਚਨਾ ਤਕਨਾਲੋਜੀ ਖੇਤਰ ਵਿੱਚ ਨਵੇਂ ਪਾਰਕ ਸਥਾਪਤ ਕੀਤੇ ਜਾਣਗੇ। ਨੌਜਵਾਨਾਂ ਨੂੰ ਸਰਕਾਰੀ ਨੌਕਰੀਆਂ ਦੇਣ ਦੀ ਪ੍ਰਕਿਰਿਆ ਨੂੰ ਜਾਰੀ ਰੱਖਿਆ ਜਾਵੇਗਾ ਅਤੇ ਹਜ਼ਾਰਾਂ ਅਸਾਮੀਆਂ ਭਰੀਆਂ ਜਾਣਗੀਆਂ। ਸਟਾਰਟਅੱਪਾਂ ਲਈ ਵਿਸ਼ੇਸ਼ ਫੰਡ ਦੀ ਸਥਾਪਨਾ ਕੀਤੀ ਗਈ ਹੈ। ਵਿੱਤ ਮੰਤਰੀ ਨੇ ਕਿਹਾ ਕਿ ਸੂਬੇ ਦੀ ਕੁੱਲ ਘਰੇਲੂ ਪੈਦਾਵਾਰ ਵਿੱਚ ਵਾਧੇ ਦੀ ਦਰ ਕੌਮੀ ਔਸਤ ਦੇ ਨੇੜੇ ਪਹੁੰਚ ਗਈ ਹੈ। ਮਾਲੀਆ ਘਾਟੇ ਅਤੇ ਵਿੱਤੀ ਘਾਟੇ ਨੂੰ ਘਟਾਉਣ ਦਾ ਟੀਚਾ ਰੱਖਿਆ ਗਿਆ ਹੈ। ਕੇਂਦਰ ਸਰਕਾਰ ਤੋਂ ਬਕਾਇਆ ਫੰਡ ਪ੍ਰਾਪਤ ਕਰਨ ਲਈ ਯਤਨ ਜਾਰੀ ਰਹਿਣਗੇ। ਬਜਟ ਵਿੱਚ ਖੇਡ ਨੀਤੀ ਤਹਿਤ ਖਿਡਾਰੀਆਂ ਲਈ ਇਨਾਮ ਰਾਸ਼ੀ ਦਾ ਪ੍ਰਬੰਧ ਵੀ ਕੀਤਾ ਗਿਆ ਹੈ। ਸਹਿਕਾਰੀ ਖੇਤਰ ਨੂੰ ਮਜ਼ਬੂਤ ਕਰਨ ਲਈ ਮਿਲਕਫੈੱਡ ਅਤੇ ਮਾਰਕਫੈੱਡ ਨੂੰ ਸਹਾਇਤਾ ਮਿਲੇਗੀ।

ਚੰਡੀਗੜ੍ਹ, 8 ਮਾਰਚ: ਪੰਜਾਬ ਦੇ ਵਿੱਤ ਮੰਤਰੀ ਹਰਪਾਲ ਸਿੰਘ ਚੀਮਾ ਨੇ ਅੱਜ ਪੰਜਾਬ ਵਿਧਾਨ ਸਭਾ ਵਿੱਚ ਸਾਲ 2026-27 ਲਈ 2,60,437 ਕਰੋੜ ਰੁਪਏ ਦਾ ਬਜਟ ਪੇਸ਼ ਕੀਤਾ। ਇਹ ਮੌਜੂਦਾ ਸਰਕਾਰ ਦਾ ਪੰਜਵਾਂ ਬਜਟ ਹੈ ਜਿਸ ਵਿੱਚ ਸਿੱਖਿਆ, ਸਿਹਤ, ਖੇਤੀਬਾੜੀ ਅਤੇ ਬੁਨਿਆਦੀ ਢਾਂਚੇ ਲਈ ਵੱਡੇ ਪ੍ਰਬੰਧ ਕੀਤੇ ਗਏ ਹਨ। ਵਿੱਤ ਮੰਤਰੀ ਨੇ ਕਿਹਾ ਕਿ ਸਰਕਾਰ ਸੂਬੇ ਦੀ ਆਰਥਿਕਤਾ ਨੂੰ ਮਜ਼ਬੂਤ ਕਰਨ ਲਈ ਵਚਨਬੱਧ ਹੈ ਅਤੇ ਹਰ ਵਰਗ ਦੇ ਲੋਕਾਂ ਦੀ ਭਲਾਈ ਲਈ ਲਗਾਤਾਰ ਕੰਮ ਕਰ ਰਹੀ ਹੈ। ਬਜਟ ਵਿੱਚ ਕਿਸਾਨਾਂ ਲਈ ਮੁਫ਼ਤ ਬਿਜਲੀ ਜਾਰੀ ਰੱਖਣ ਦਾ ਐਲਾਨ ਕੀਤਾ ਗਿਆ ਅਤੇ ਫ਼ਸਲੀ ਵਿਭਿੰਨਤਾ ਲਈ ਵਿਸ਼ੇਸ਼ ਫੰਡ ਰੱਖੇ ਗਏ। ਸਿਹਤ ਖੇਤਰ ਵਿੱਚ ਆਮ ਆਦਮੀ ਕਲੀਨਿਕਾਂ ਦੇ ਵਿਸਥਾਰ ਲਈ ਰਕਮ ਵਧਾਈ ਗਈ ਹੈ। ਸਿੱਖਿਆ ਦੇ ਖੇਤਰ ਵਿੱਚ ਸਕੂਲ ਆਫ਼ ਐਮੀਨੈਂਸ ਅਤੇ ਨਵੇਂ ਸਰਕਾਰੀ ਕਾਲਜਾਂ ਲਈ ਪ੍ਰਬੰਧ ਕੀਤੇ ਗਏ ਹਨ। ਨੌਜਵਾਨਾਂ ਨੂੰ ਰੁਜ਼ਗਾਰ ਦੇਣ ਲਈ ਹੁਨਰ ਵਿਕਾਸ ਕੇਂਦਰ ਖੋਲ੍ਹਣ ਦੀ ਯੋਜਨਾ ਵੀ ਬਜਟ ਵਿੱਚ ਸ਼ਾਮਲ ਹੈ। ਵਿੱਤ ਮੰਤਰੀ ਨੇ ਦੱਸਿਆ ਕਿ ਸੂਬੇ ਦੀ ਮਾਲੀਆ ਆਮਦਨ ਵਿੱਚ ਲਗਾਤਾਰ ਵਾਧਾ ਹੋ ਰਿਹਾ ਹੈ ਅਤੇ ਕਰਜ਼ੇ ਦੇ ਬੋਝ ਨੂੰ ਘਟਾਉਣ ਲਈ ਠੋਸ ਕਦਮ ਚੁੱਕੇ ਜਾ ਰਹੇ ਹਨ। ਉਦਯੋਗਾਂ ਨੂੰ ਉਤਸ਼ਾਹਿਤ ਕਰਨ ਲਈ ਨਵੀਂ ਉਦਯੋਗਿਕ ਨੀਤੀ ਤਹਿਤ ਰਿਆਇਤਾਂ ਦਿੱਤੀਆਂ ਜਾਣਗੀਆਂ। ਪੇਂਡੂ ਵਿਕਾਸ, ਸੜਕਾਂ, ਪੀਣ ਵਾਲੇ ਪਾਣੀ ਅਤੇ ਸੀਵਰੇਜ ਪ੍ਰੋਜੈਕਟਾਂ ਲਈ ਵੀ ਵੱਡੀ ਰਕਮ ਰੱਖੀ ਗਈ ਹੈ। ਔਰਤਾਂ ਦੇ ਸਸ਼ਕਤੀਕਰਨ ਲਈ ਵਿਸ਼ੇਸ਼ ਯੋਜਨਾਵਾਂ ਦਾ ਐਲਾਨ ਕੀਤਾ ਗਿਆ। ਬਜ਼ੁਰਗਾਂ ਦੀ ਪੈਨਸ਼ਨ ਅਤੇ ਸਮਾਜਿਕ ਸੁਰੱਖਿਆ ਸਕੀਮਾਂ ਲਈ ਵੀ ਫੰਡਾਂ ਵਿੱਚ ਵਾਧਾ ਕੀਤਾ ਗਿਆ ਹੈ। ਸਰਕਾਰ ਨੇ ਨਸ਼ਿਆਂ ਵਿਰੁੱਧ ਮੁਹਿੰਮ ਲਈ ਵੀ ਵੱਖਰਾ ਬਜਟ ਰੱਖਿਆ ਹੈ ਅਤੇ ਪੁਲਿਸ ਦੇ ਆਧੁਨਿਕੀਕਰਨ ਲਈ ਪ੍ਰਬੰਧ ਕੀਤੇ ਹਨ। ਖੇਡਾਂ ਨੂੰ ਉਤਸ਼ਾਹਿਤ ਕਰਨ ਲਈ ਪਿੰਡ ਪੱਧਰ ਤੱਕ ਖੇਡ ਮੈਦਾਨ ਬਣਾਏ ਜਾਣਗੇ। ਵਿਰੋਧੀ ਧਿਰ ਨੇ ਬਜਟ ਉੱਤੇ ਆਪਣੀ ਪ੍ਰਤੀਕਿਰਿਆ ਦਿੰਦਿਆਂ ਕਈ ਸਵਾਲ ਉਠਾਏ।

ਬਜਟ ਵਿੱਚ ਬਿਜਲੀ ਖੇਤਰ ਲਈ ਸਬਸਿਡੀ ਦਾ ਪ੍ਰਬੰਧ ਕੀਤਾ ਗਿਆ ਹੈ ਤਾਂ ਜੋ ਘਰੇਲੂ ਖਪਤਕਾਰਾਂ ਨੂੰ 300 ਯੂਨਿਟ ਮੁਫ਼ਤ ਬਿਜਲੀ ਮਿਲਦੀ ਰਹੇ। ਨਵਿਆਉਣਯੋਗ ਊਰਜਾ ਨੂੰ ਉਤਸ਼ਾਹਿਤ ਕਰਨ ਲਈ ਸੋਲਰ ਪ੍ਰੋਜੈਕਟ ਲਗਾਏ ਜਾਣਗੇ। ਜਲ ਸਰੋਤ ਵਿਭਾਗ ਲਈ ਧਰਤੀ ਹੇਠਲੇ ਪਾਣੀ ਨੂੰ ਬਚਾਉਣ ਦੀਆਂ ਯੋਜਨਾਵਾਂ ਸ਼ੁਰੂ ਕੀਤੀਆਂ ਗਈਆਂ ਹਨ। ਪਸ਼ੂ ਪਾਲਣ ਅਤੇ ਡੇਅਰੀ ਵਿਕਾਸ ਲਈ ਵੀ ਫੰਡ ਰੱਖੇ ਗਏ ਹਨ। ਮੱਛੀ ਪਾਲਣ ਨੂੰ ਉਤਸ਼ਾਹਿਤ ਕਰਨ ਲਈ ਕਿਸਾਨਾਂ ਨੂੰ ਸਹਾਇਤਾ ਦਿੱਤੀ ਜਾਵੇਗੀ। ਸੈਰ ਸਪਾਟਾ ਅਤੇ ਸੱਭਿਆਚਾਰਕ ਮਾਮਲਿਆਂ ਲਈ ਵਿਰਾਸਤੀ ਇਮਾਰਤਾਂ ਦੀ ਸਾਂਭ ਸੰਭਾਲ ਦਾ ਪ੍ਰਬੰਧ ਕੀਤਾ ਗਿਆ ਹੈ। ਪ੍ਰਸ਼ਾਸਕੀ ਸੁਧਾਰਾਂ ਤਹਿਤ ਸਰਕਾਰੀ ਸੇਵਾਵਾਂ ਨੂੰ ਆਨਲਾਈਨ ਕਰਨ ਉੱਤੇ ਜ਼ੋਰ ਦਿੱਤਾ ਗਿਆ ਹੈ। ਮੁਲਾਜ਼ਮਾਂ ਦੀਆਂ ਤਨਖਾਹਾਂ ਅਤੇ ਪੈਨਸ਼ਨਾਂ ਲਈ ਵੀ ਲੋੜੀਂਦੇ ਪ੍ਰਬੰਧ ਕੀਤੇ ਗਏ ਹਨ। ਵਿੱਤ ਮੰਤਰੀ ਨੇ ਦੱਸਿਆ ਕਿ ਪੂੰਜੀਗਤ ਖਰਚ ਵਿੱਚ ਵਾਧਾ ਕਰਕੇ ਸੂਬੇ ਵਿੱਚ ਨਿਵੇਸ਼ ਦਾ ਮਾਹੌਲ ਬਣਾਇਆ ਜਾਵੇਗਾ। ਸਰਹੱਦੀ ਜ਼ਿਲ੍ਹਿਆਂ ਦੇ ਵਿਕਾਸ ਲਈ ਵਿਸ਼ੇਸ਼ ਪੈਕੇਜ ਦਾ ਐਲਾਨ ਵੀ ਕੀਤਾ ਗਿਆ। ਵਾਤਾਵਰਣ ਸੁਰੱਖਿਆ ਲਈ ਰੁੱਖ ਲਗਾਉਣ ਦੀ ਮੁਹਿੰਮ ਚਲਾਈ ਜਾਵੇਗੀ। ਪੇਂਡੂ ਖੇਤਰਾਂ ਵਿੱਚ ਪੱਕੀਆਂ ਗਲੀਆਂ ਅਤੇ ਛੱਪੜਾਂ ਦੀ ਸਫ਼ਾਈ ਦੇ ਪ੍ਰੋਜੈਕਟ ਵੀ ਸ਼ਾਮਲ ਹਨ।

ਸਦਨ ਦੀ ਕਾਰਵਾਈ ਦੌਰਾਨ ਮੁੱਖ ਮੰਤਰੀ ਸਮੇਤ ਸਾਰੇ ਮੰਤਰੀ ਅਤੇ ਵਿਧਾਇਕ ਹਾਜ਼ਰ ਸਨ। ਬਜਟ ਪੇਸ਼ ਕਰਨ ਤੋਂ ਬਾਅਦ ਵਿੱਤ ਮੰਤਰੀ ਨੇ ਕਿਹਾ ਕਿ ਇਹ ਬਜਟ ਲੋਕਾਂ ਦੀਆਂ ਉਮੀਦਾਂ ਉੱਤੇ ਖਰਾ ਉਤਰੇਗਾ। ਉਨ੍ਹਾਂ ਦੱਸਿਆ ਕਿ ਸਰਕਾਰ ਨੇ ਪਿਛਲੇ ਸਾਲ ਕੀਤੇ ਵਾਅਦਿਆਂ ਨੂੰ ਪੂਰਾ ਕੀਤਾ ਹੈ। ਸਿੱਖਿਆ ਕ੍ਰਾਂਤੀ ਅਤੇ ਸਿਹਤ ਕ੍ਰਾਂਤੀ ਦੇ ਨਤੀਜੇ ਜ਼ਮੀਨੀ ਪੱਧਰ ਉੱਤੇ ਦਿਖਾਈ ਦੇ ਰਹੇ ਹਨ। ਕਿਸਾਨਾਂ ਦੀਆਂ ਫ਼ਸਲਾਂ ਦੀ ਸਮੇਂ ਸਿਰ ਖਰੀਦ ਅਤੇ ਅਦਾਇਗੀ ਯਕੀਨੀ ਬਣਾਈ ਗਈ ਹੈ। ਪਿੰਡਾਂ ਵਿੱਚ ਲਾਇਬ੍ਰੇਰੀਆਂ ਖੋਲ੍ਹਣ ਦੀ ਯੋਜਨਾ ਵੀ ਬਜਟ ਦਾ ਹਿੱਸਾ ਹੈ। ਵਿਰੋਧੀ ਧਿਰ ਦੇ ਆਗੂਆਂ ਨੇ ਕਿਹਾ ਕਿ ਸੂਬੇ ਉੱਤੇ ਕਰਜ਼ੇ ਦਾ ਬੋਝ ਵਧ ਰਿਹਾ ਹੈ ਅਤੇ ਬਜਟ ਵਿੱਚ ਠੋਸ ਹੱਲ ਨਹੀਂ ਦਿੱਤੇ ਗਏ। ਸੱਤਾਧਾਰੀ ਧਿਰ ਨੇ ਬਜਟ ਨੂੰ ਲੋਕ ਪੱਖੀ ਅਤੇ ਵਿਕਾਸਮੁਖੀ ਦੱਸਿਆ। ਬਜਟ ਸੈਸ਼ਨ ਦੌਰਾਨ ਵੱਖ ਵੱਖ ਵਿਭਾਗਾਂ ਦੀਆਂ ਮੰਗਾਂ ਉੱਤੇ ਚਰਚਾ ਕੀਤੀ ਜਾਵੇਗੀ ਅਤੇ ਵਿੱਤ ਬਿੱਲ ਪਾਸ ਕੀਤਾ ਜਾਵੇਗਾ। ਸਰਕਾਰ ਨੇ ਭਰੋਸਾ ਦਿੱਤਾ ਕਿ ਹਰ ਐਲਾਨ ਨੂੰ ਸਮਾਂਬੱਧ ਤਰੀਕੇ ਨਾਲ ਲਾਗੂ ਕੀਤਾ ਜਾਵੇਗਾ।

ਸਰਕਾਰ ਨੇ ਉਦਯੋਗਾਂ ਲਈ ਇੱਕ ਖਿੜਕੀ ਪ੍ਰਣਾਲੀ ਨੂੰ ਹੋਰ ਮਜ਼ਬੂਤ ਕਰਨ ਦਾ ਫੈਸਲਾ ਕੀਤਾ ਹੈ ਤਾਂ ਜੋ ਨਿਵੇਸ਼ਕਾਂ ਨੂੰ ਪ੍ਰਵਾਨਗੀਆਂ ਜਲਦੀ ਮਿਲ ਸਕਣ। ਛੋਟੇ ਅਤੇ ਦਰਮਿਆਨੇ ਉਦਯੋਗਾਂ ਲਈ ਸਸਤੇ ਕਰਜ਼ੇ ਦੀ ਸਹੂਲਤ ਦਿੱਤੀ ਜਾਵੇਗੀ। ਸੂਚਨਾ ਤਕਨਾਲੋਜੀ ਖੇਤਰ ਵਿੱਚ ਨਵੇਂ ਪਾਰਕ ਸਥਾਪਤ ਕੀਤੇ ਜਾਣਗੇ। ਨੌਜਵਾਨਾਂ ਨੂੰ ਸਰਕਾਰੀ ਨੌਕਰੀਆਂ ਦੇਣ ਦੀ ਪ੍ਰਕਿਰਿਆ ਨੂੰ ਜਾਰੀ ਰੱਖਿਆ ਜਾਵੇਗਾ ਅਤੇ ਹਜ਼ਾਰਾਂ ਅਸਾਮੀਆਂ ਭਰੀਆਂ ਜਾਣਗੀਆਂ। ਸਟਾਰਟਅੱਪਾਂ ਲਈ ਵਿਸ਼ੇਸ਼ ਫੰਡ ਦੀ ਸਥਾਪਨਾ ਕੀਤੀ ਗਈ ਹੈ। ਵਿੱਤ ਮੰਤਰੀ ਨੇ ਕਿਹਾ ਕਿ ਸੂਬੇ ਦੀ ਕੁੱਲ ਘਰੇਲੂ ਪੈਦਾਵਾਰ ਵਿੱਚ ਵਾਧੇ ਦੀ ਦਰ ਕੌਮੀ ਔਸਤ ਦੇ ਨੇੜੇ ਪਹੁੰਚ ਗਈ ਹੈ। ਮਾਲੀਆ ਘਾਟੇ ਅਤੇ ਵਿੱਤੀ ਘਾਟੇ ਨੂੰ ਘਟਾਉਣ ਦਾ ਟੀਚਾ ਰੱਖਿਆ ਗਿਆ ਹੈ। ਕੇਂਦਰ ਸਰਕਾਰ ਤੋਂ ਬਕਾਇਆ ਫੰਡ ਪ੍ਰਾਪਤ ਕਰਨ ਲਈ ਯਤਨ ਜਾਰੀ ਰਹਿਣਗੇ। ਬਜਟ ਵਿੱਚ ਖੇਡ ਨੀਤੀ ਤਹਿਤ ਖਿਡਾਰੀਆਂ ਲਈ ਇਨਾਮ ਰਾਸ਼ੀ ਦਾ ਪ੍ਰਬੰਧ ਵੀ ਕੀਤਾ ਗਿਆ ਹੈ। ਸਹਿਕਾਰੀ ਖੇਤਰ ਨੂੰ ਮਜ਼ਬੂਤ ਕਰਨ ਲਈ ਮਿਲਕਫੈੱਡ ਅਤੇ ਮਾਰਕਫੈੱਡ ਨੂੰ ਸਹਾਇਤਾ ਮਿਲੇਗੀ।

ਵਿੱਤ ਮੰਤਰੀ ਨੇ ਆਪਣੇ ਭਾਸ਼ਣ ਵਿੱਚ ਕਿਹਾ ਕਿ ਪਿਛਲੇ ਚਾਰ ਸਾਲਾਂ ਦੌਰਾਨ ਸਰਕਾਰ ਨੇ ਵਿੱਤੀ ਅਨੁਸ਼ਾਸਨ ਕਾਇਮ ਰੱਖਿਆ ਹੈ ਅਤੇ ਟੈਕਸ ਵਸੂਲੀ ਵਿੱਚ ਪਾਰਦਰਸ਼ਤਾ ਲਿਆਂਦੀ ਹੈ। ਜੀਐਸਟੀ ਅਤੇ ਆਬਕਾਰੀ ਤੋਂ ਆਮਦਨ ਵਿੱਚ ਵਾਧਾ ਹੋਇਆ ਹੈ। ਉਨ੍ਹਾਂ ਕਿਹਾ ਕਿ ਬਜਟ ਵਿੱਚ ਕੋਈ ਨਵਾਂ ਟੈਕਸ ਨਹੀਂ ਲਗਾਇਆ ਗਿਆ। ਖੇਤੀਬਾੜੀ ਖੇਤਰ ਲਈ ਕੁੱਲ ਰਕਮ ਵਿੱਚ ਵਾਧਾ ਕਰਦਿਆਂ ਪਰਾਲੀ ਪ੍ਰਬੰਧਨ ਲਈ ਮਸ਼ੀਨਰੀ ਉੱਤੇ ਸਬਸਿਡੀ ਜਾਰੀ ਰੱਖੀ ਗਈ ਹੈ। ਨਹਿਰੀ ਪਾਣੀ ਨੂੰ ਹਰ ਖੇਤ ਤੱਕ ਪਹੁੰਚਾਉਣ ਲਈ ਨਵੇਂ ਪ੍ਰੋਜੈਕਟ ਸ਼ੁਰੂ ਕੀਤੇ ਜਾਣਗੇ। ਸਿਹਤ ਵਿਭਾਗ ਲਈ ਨਵੇਂ ਮੈਡੀਕਲ ਕਾਲਜ ਅਤੇ ਜ਼ਿਲ੍ਹਾ ਹਸਪਤਾਲਾਂ ਦੇ ਨਵੀਨੀਕਰਨ ਦਾ ਐਲਾਨ ਕੀਤਾ ਗਿਆ। ਮੁਫ਼ਤ ਦਵਾਈਆਂ ਅਤੇ ਟੈਸਟਾਂ ਦੀ ਸਹੂਲਤ ਨੂੰ ਹੋਰ ਵਧਾਇਆ ਜਾਵੇਗਾ। ਸਿੱਖਿਆ ਬਜਟ ਵਿੱਚ ਅਧਿਆਪਕਾਂ ਦੀ ਭਰਤੀ ਅਤੇ ਸਕੂਲਾਂ ਦੇ ਬੁਨਿਆਦੀ ਢਾਂਚੇ ਨੂੰ ਮਜ਼ਬੂਤ ਕਰਨ ਉੱਤੇ ਜ਼ੋਰ ਦਿੱਤਾ ਗਿਆ ਹੈ। ਸ਼ਹਿਰੀ ਵਿਕਾਸ ਲਈ ਸਮਾਰਟ ਸਿਟੀ ਪ੍ਰੋਜੈਕਟਾਂ ਨੂੰ ਤੇਜ਼ ਕੀਤਾ ਜਾਵੇਗਾ। ਟਰਾਂਸਪੋਰਟ ਵਿਭਾਗ ਲਈ ਨਵੀਆਂ ਬੱਸਾਂ ਖਰੀਦਣ ਦੀ ਯੋਜਨਾ ਹੈ। ਔਰਤਾਂ ਲਈ ਮੁਫ਼ਤ ਬੱਸ ਸਫ਼ਰ ਦੀ ਸਹੂਲਤ ਜਾਰੀ ਰਹੇਗੀ। ਅਨੁਸੂਚਿਤ ਜਾਤੀਆਂ ਅਤੇ ਪਛੜੇ ਵਰਗਾਂ ਦੀ ਭਲਾਈ ਲਈ ਵਜ਼ੀਫ਼ਾ ਸਕੀਮਾਂ ਵਿੱਚ ਵਾਧਾ ਕੀਤਾ ਗਿਆ ਹੈ। ਵਿੱਤ ਮੰਤਰੀ ਨੇ ਕਿਹਾ ਕਿ ਇਹ ਬਜਟ ਰੰਗਲਾ ਪੰਜਾਬ ਬਣਾਉਣ ਦੇ ਸੁਪਨੇ ਨੂੰ ਪੂਰਾ ਕਰਨ ਵੱਲ ਇੱਕ ਮਹੱਤਵਪੂਰਨ ਕਦਮ ਹੈ। ਸਦਨ ਵਿੱਚ ਬਜਟ ਉੱਤੇ ਬਹਿਸ ਅਗਲੇ ਦਿਨਾਂ ਵਿੱਚ ਹੋਵੇਗੀ।
